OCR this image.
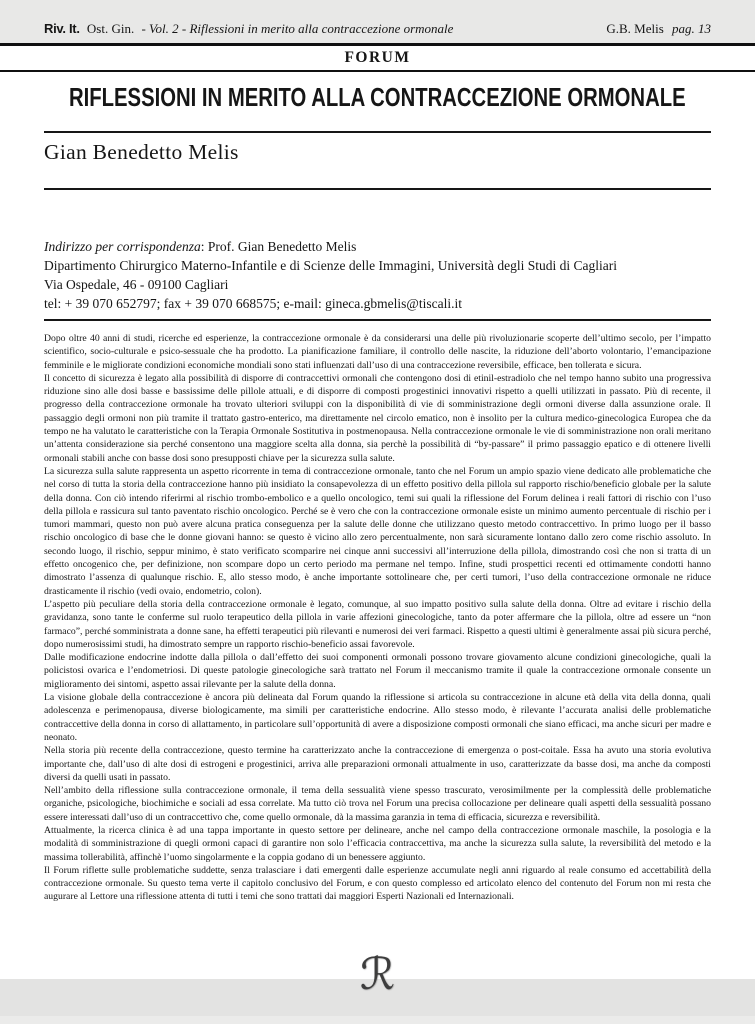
Riv. It. Ost. Gin. - Vol. 2 - Riflessioni in merito alla contraccezione ormonale	G.B. Melis pag. 13
FORUM
RIFLESSIONI IN MERITO ALLA CONTRACCEZIONE ORMONALE
Gian Benedetto Melis
Indirizzo per corrispondenza: Prof. Gian Benedetto Melis
Dipartimento Chirurgico Materno-Infantile e di Scienze delle Immagini, Università degli Studi di Cagliari
Via Ospedale, 46 - 09100 Cagliari
tel: + 39 070 652797; fax + 39 070 668575; e-mail: gineca.gbmelis@tiscali.it

Dopo oltre 40 anni di studi, ricerche ed esperienze, la contraccezione ormonale è da considerarsi una delle più rivoluzionarie scoperte dell’ultimo secolo, per l’impatto scientifico, socio-culturale e psico-sessuale che ha prodotto. La pianificazione familiare, il controllo delle nascite, la riduzione dell’aborto volontario, l’emancipazione femminile e le migliorate condizioni economiche mondiali sono stati influenzati dall’uso di una contraccezione reversibile, efficace, ben tollerata e sicura.

Il concetto di sicurezza è legato alla possibilità di disporre di contraccettivi ormonali che contengono dosi di etinil-estradiolo che nel tempo hanno subito una progressiva riduzione sino alle dosi basse e bassissime delle pillole attuali, e di disporre di composti progestinici innovativi rispetto a quelli utilizzati in passato. Più di recente, il progresso della contraccezione ormonale ha trovato ulteriori sviluppi con la disponibilità di vie di somministrazione degli ormoni diverse dalla assunzione orale. Il passaggio degli ormoni non più tramite il trattato gastro-enterico, ma direttamente nel circolo ematico, non è insolito per la cultura medico-ginecologica Europea che da tempo ne ha valutato le caratteristiche con la Terapia Ormonale Sostitutiva in postmenopausa. Nella contraccezione ormonale le vie di somministrazione non orali meritano un’attenta considerazione sia perché consentono una maggiore scelta alla donna, sia perchè la possibilità di “by-passare” il primo passaggio epatico e di ottenere livelli ormonali stabili anche con basse dosi sono presupposti chiave per la sicurezza sulla salute.

La sicurezza sulla salute rappresenta un aspetto ricorrente in tema di contraccezione ormonale, tanto che nel Forum un ampio spazio viene dedicato alle problematiche che nel corso di tutta la storia della contraccezione hanno più insidiato la consapevolezza di un effetto positivo della pillola sul rapporto rischio/beneficio globale per la salute della donna. Con ciò intendo riferirmi al rischio trombo-embolico e a quello oncologico, temi sui quali la riflessione del Forum delinea i reali fattori di rischio con l’uso della pillola e rassicura sul tanto paventato rischio oncologico. Perché se è vero che con la contraccezione ormonale esiste un minimo aumento percentuale di rischio per i tumori mammari, questo non può avere alcuna pratica conseguenza per la salute delle donne che utilizzano questo metodo contraccettivo. In primo luogo per il basso rischio oncologico di base che le donne giovani hanno: se questo è vicino allo zero percentualmente, non sarà sicuramente lontano dallo zero come rischio assoluto. In secondo luogo, il rischio, seppur minimo, è stato verificato scomparire nei cinque anni successivi all’interruzione della pillola, dimostrando così che non si tratta di un effetto oncogenico che, per definizione, non scompare dopo un certo periodo ma permane nel tempo. Infine, studi prospettici recenti ed ottimamente condotti hanno dimostrato l’assenza di qualunque rischio. E, allo stesso modo, è anche importante sottolineare che, per certi tumori, l’uso della contraccezione ormonale ne riduce drasticamente il rischio (vedi ovaio, endometrio, colon).

L’aspetto più peculiare della storia della contraccezione ormonale è legato, comunque, al suo impatto positivo sulla salute della donna. Oltre ad evitare i rischio della gravidanza, sono tante le conferme sul ruolo terapeutico della pillola in varie affezioni ginecologiche, tanto da poter affermare che la pillola, oltre ad essere un “non farmaco”, perché somministrata a donne sane, ha effetti terapeutici più rilevanti e numerosi dei veri farmaci. Rispetto a questi ultimi è generalmente assai più sicura perché, dopo numerosissimi studi, ha dimostrato sempre un rapporto rischio-beneficio assai favorevole.

Dalle modificazione endocrine indotte dalla pillola o dall’effetto dei suoi componenti ormonali possono trovare giovamento alcune condizioni ginecologiche, quali la policistosi ovarica e l’endometriosi. Di queste patologie ginecologiche sarà trattato nel Forum il meccanismo tramite il quale la contraccezione ormonale consente un miglioramento dei sintomi, aspetto assai rilevante per la salute della donna.

La visione globale della contraccezione è ancora più delineata dal Forum quando la riflessione si articola su contraccezione in alcune età della vita della donna, quali adolescenza e perimenopausa, diverse biologicamente, ma simili per caratteristiche endocrine. Allo stesso modo, è rilevante l’accurata analisi delle problematiche contraccettive della donna in corso di allattamento, in particolare sull’opportunità di avere a disposizione composti ormonali che siano efficaci, ma anche sicuri per madre e neonato.

Nella storia più recente della contraccezione, questo termine ha caratterizzato anche la contraccezione di emergenza o post-coitale. Essa ha avuto una storia evolutiva importante che, dall’uso di alte dosi di estrogeni e progestinici, arriva alle preparazioni ormonali attualmente in uso, caratterizzate da basse dosi, ma anche da composti diversi da quelli usati in passato.

Nell’ambito della riflessione sulla contraccezione ormonale, il tema della sessualità viene spesso trascurato, verosimilmente per la complessità delle problematiche organiche, psicologiche, biochimiche e sociali ad essa correlate. Ma tutto ciò trova nel Forum una precisa collocazione per delineare quali aspetti della sessualità possano essere interessati dall’uso di un contraccettivo che, come quello ormonale, dà la massima garanzia in tema di efficacia, sicurezza e reversibilità.

Attualmente, la ricerca clinica è ad una tappa importante in questo settore per delineare, anche nel campo della contraccezione ormonale maschile, la posologia e la modalità di somministrazione di quegli ormoni capaci di garantire non solo l’efficacia contraccettiva, ma anche la sicurezza sulla salute, la reversibilità del metodo e la massima tollerabilità, affinchè l’uomo singolarmente e la coppia godano di un benessere aggiunto.

Il Forum riflette sulle problematiche suddette, senza tralasciare i dati emergenti dalle esperienze accumulate negli anni riguardo al reale consumo ed accettabilità della contraccezione ormonale. Su questo tema verte il capitolo conclusivo del Forum, e con questo complesso ed articolato elenco del contenuto del Forum non mi resta che augurare al Lettore una riflessione attenta di tutti i temi che sono trattati dai maggiori Esperti Nazionali ed Internazionali.

ℛ
